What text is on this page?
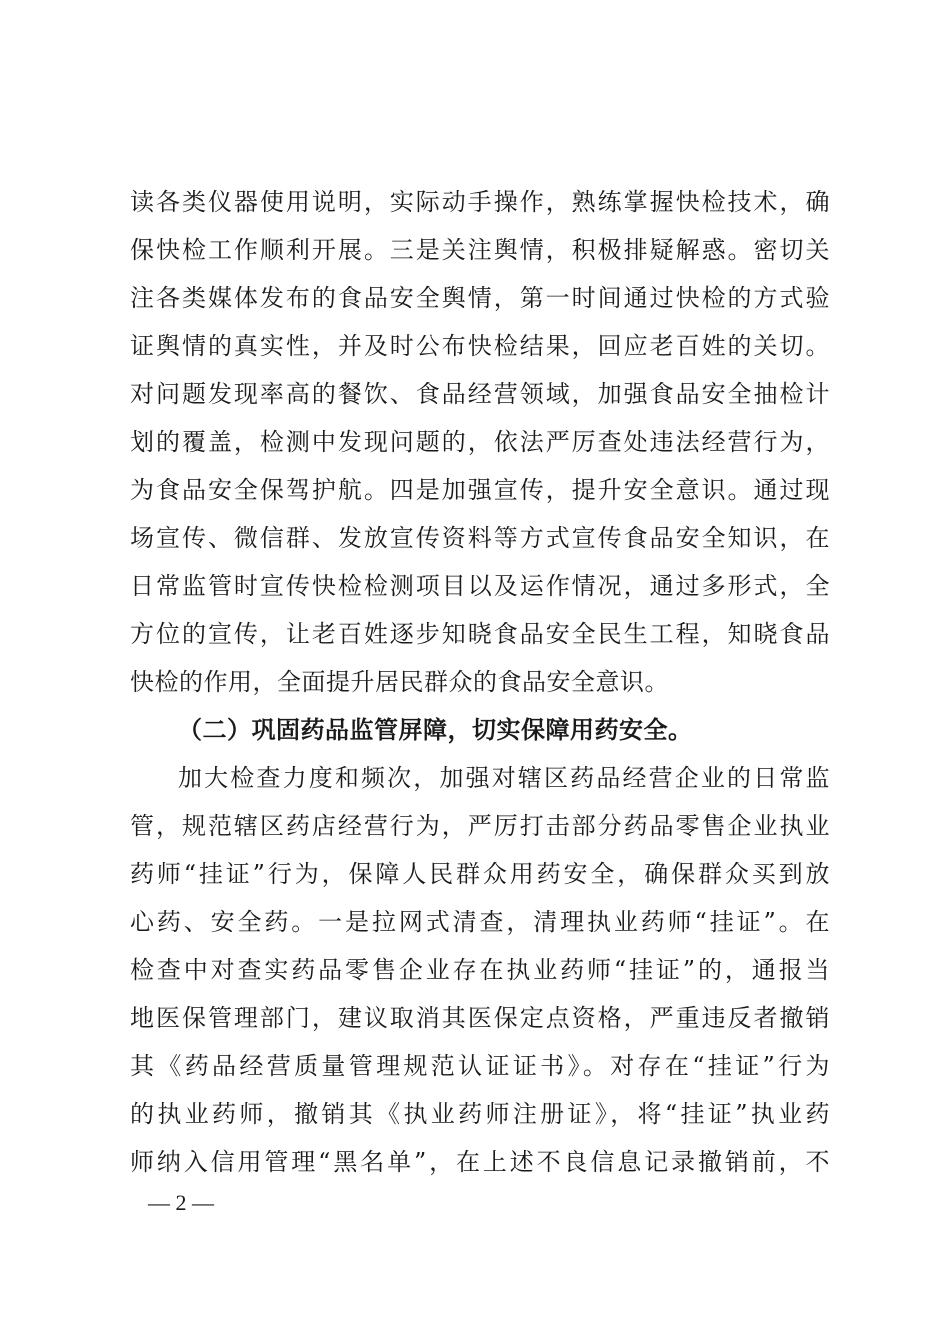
读各类仪器使用说明，实际动手操作，熟练掌握快检技术，确
保快检工作顺利开展。三是关注舆情，积极排疑解惑。密切关
注各类媒体发布的食品安全舆情，第一时间通过快检的方式验
证舆情的真实性，并及时公布快检结果，回应老百姓的关切。
对问题发现率高的餐饮、食品经营领域，加强食品安全抽检计
划的覆盖，检测中发现问题的，依法严厉查处违法经营行为，
为食品安全保驾护航。四是加强宣传，提升安全意识。通过现
场宣传、微信群、发放宣传资料等方式宣传食品安全知识，在
日常监管时宣传快检检测项目以及运作情况，通过多形式，全
方位的宣传，让老百姓逐步知晓食品安全民生工程，知晓食品
快检的作用，全面提升居民群众的食品安全意识。
（二）巩固药品监管屏障，切实保障用药安全。
加大检查力度和频次，加强对辖区药品经营企业的日常监
管，规范辖区药店经营行为，严厉打击部分药品零售企业执业
药师“挂证”行为，保障人民群众用药安全，确保群众买到放
心药、安全药。一是拉网式清查，清理执业药师“挂证”。在
检查中对查实药品零售企业存在执业药师“挂证”的，通报当
地医保管理部门，建议取消其医保定点资格，严重违反者撤销
其《药品经营质量管理规范认证证书》。对存在“挂证”行为
的执业药师，撤销其《执业药师注册证》，将“挂证”执业药
师纳入信用管理“黑名单”，在上述不良信息记录撤销前，不
— 2 —
